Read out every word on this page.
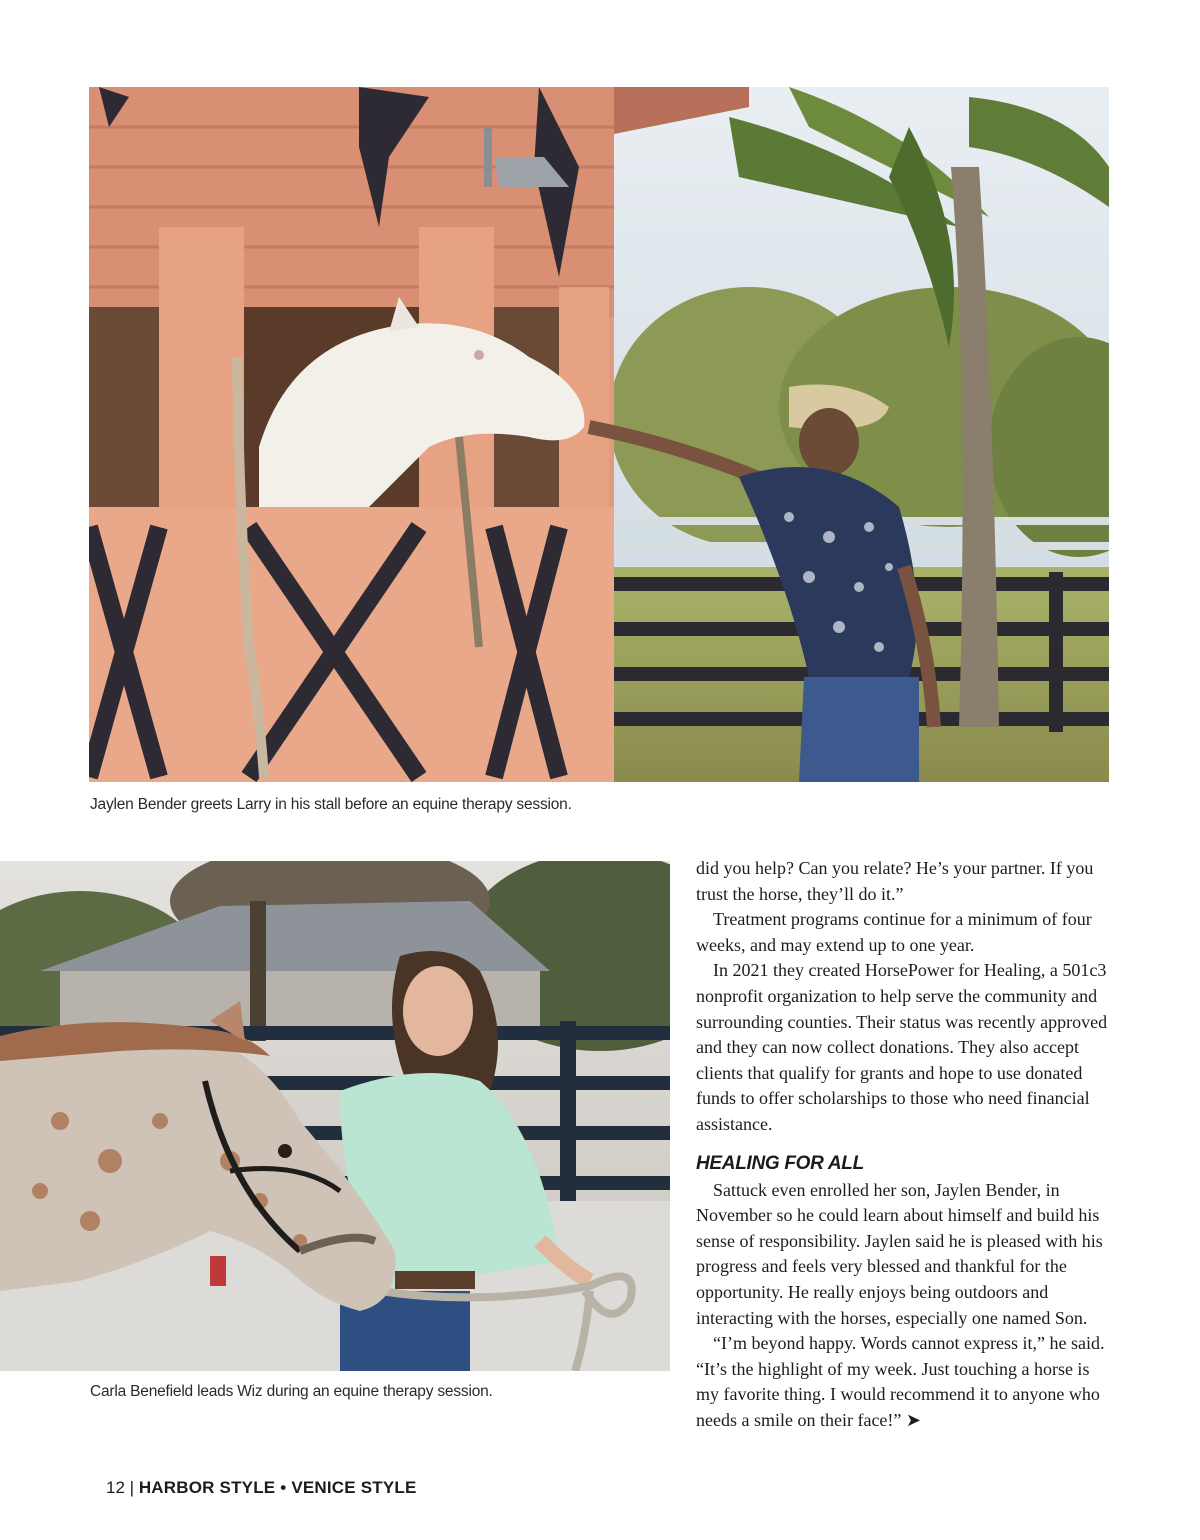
Jaylen Bender greets Larry in his stall before an equine therapy session.
Carla Benefield leads Wiz during an equine therapy session.

did you help? Can you relate? He’s your partner. If you trust the horse, they’ll do it.”

Treatment programs continue for a minimum of four weeks, and may extend up to one year.

In 2021 they created HorsePower for Healing, a 501c3 nonprofit organization to help serve the community and surrounding counties. Their status was recently approved and they can now collect donations. They also accept clients that qualify for grants and hope to use donated funds to offer scholarships to those who need financial assistance.

HEALING FOR ALL

Sattuck even enrolled her son, Jaylen Bender, in November so he could learn about himself and build his sense of responsibility. Jaylen said he is pleased with his progress and feels very blessed and thankful for the opportunity. He really enjoys being outdoors and interacting with the horses, especially one named Son.

“I’m beyond happy. Words cannot express it,” he said. “It’s the highlight of my week. Just touching a horse is my favorite thing. I would recommend it to anyone who needs a smile on their face!” ➤

12 | HARBOR STYLE • VENICE STYLE
